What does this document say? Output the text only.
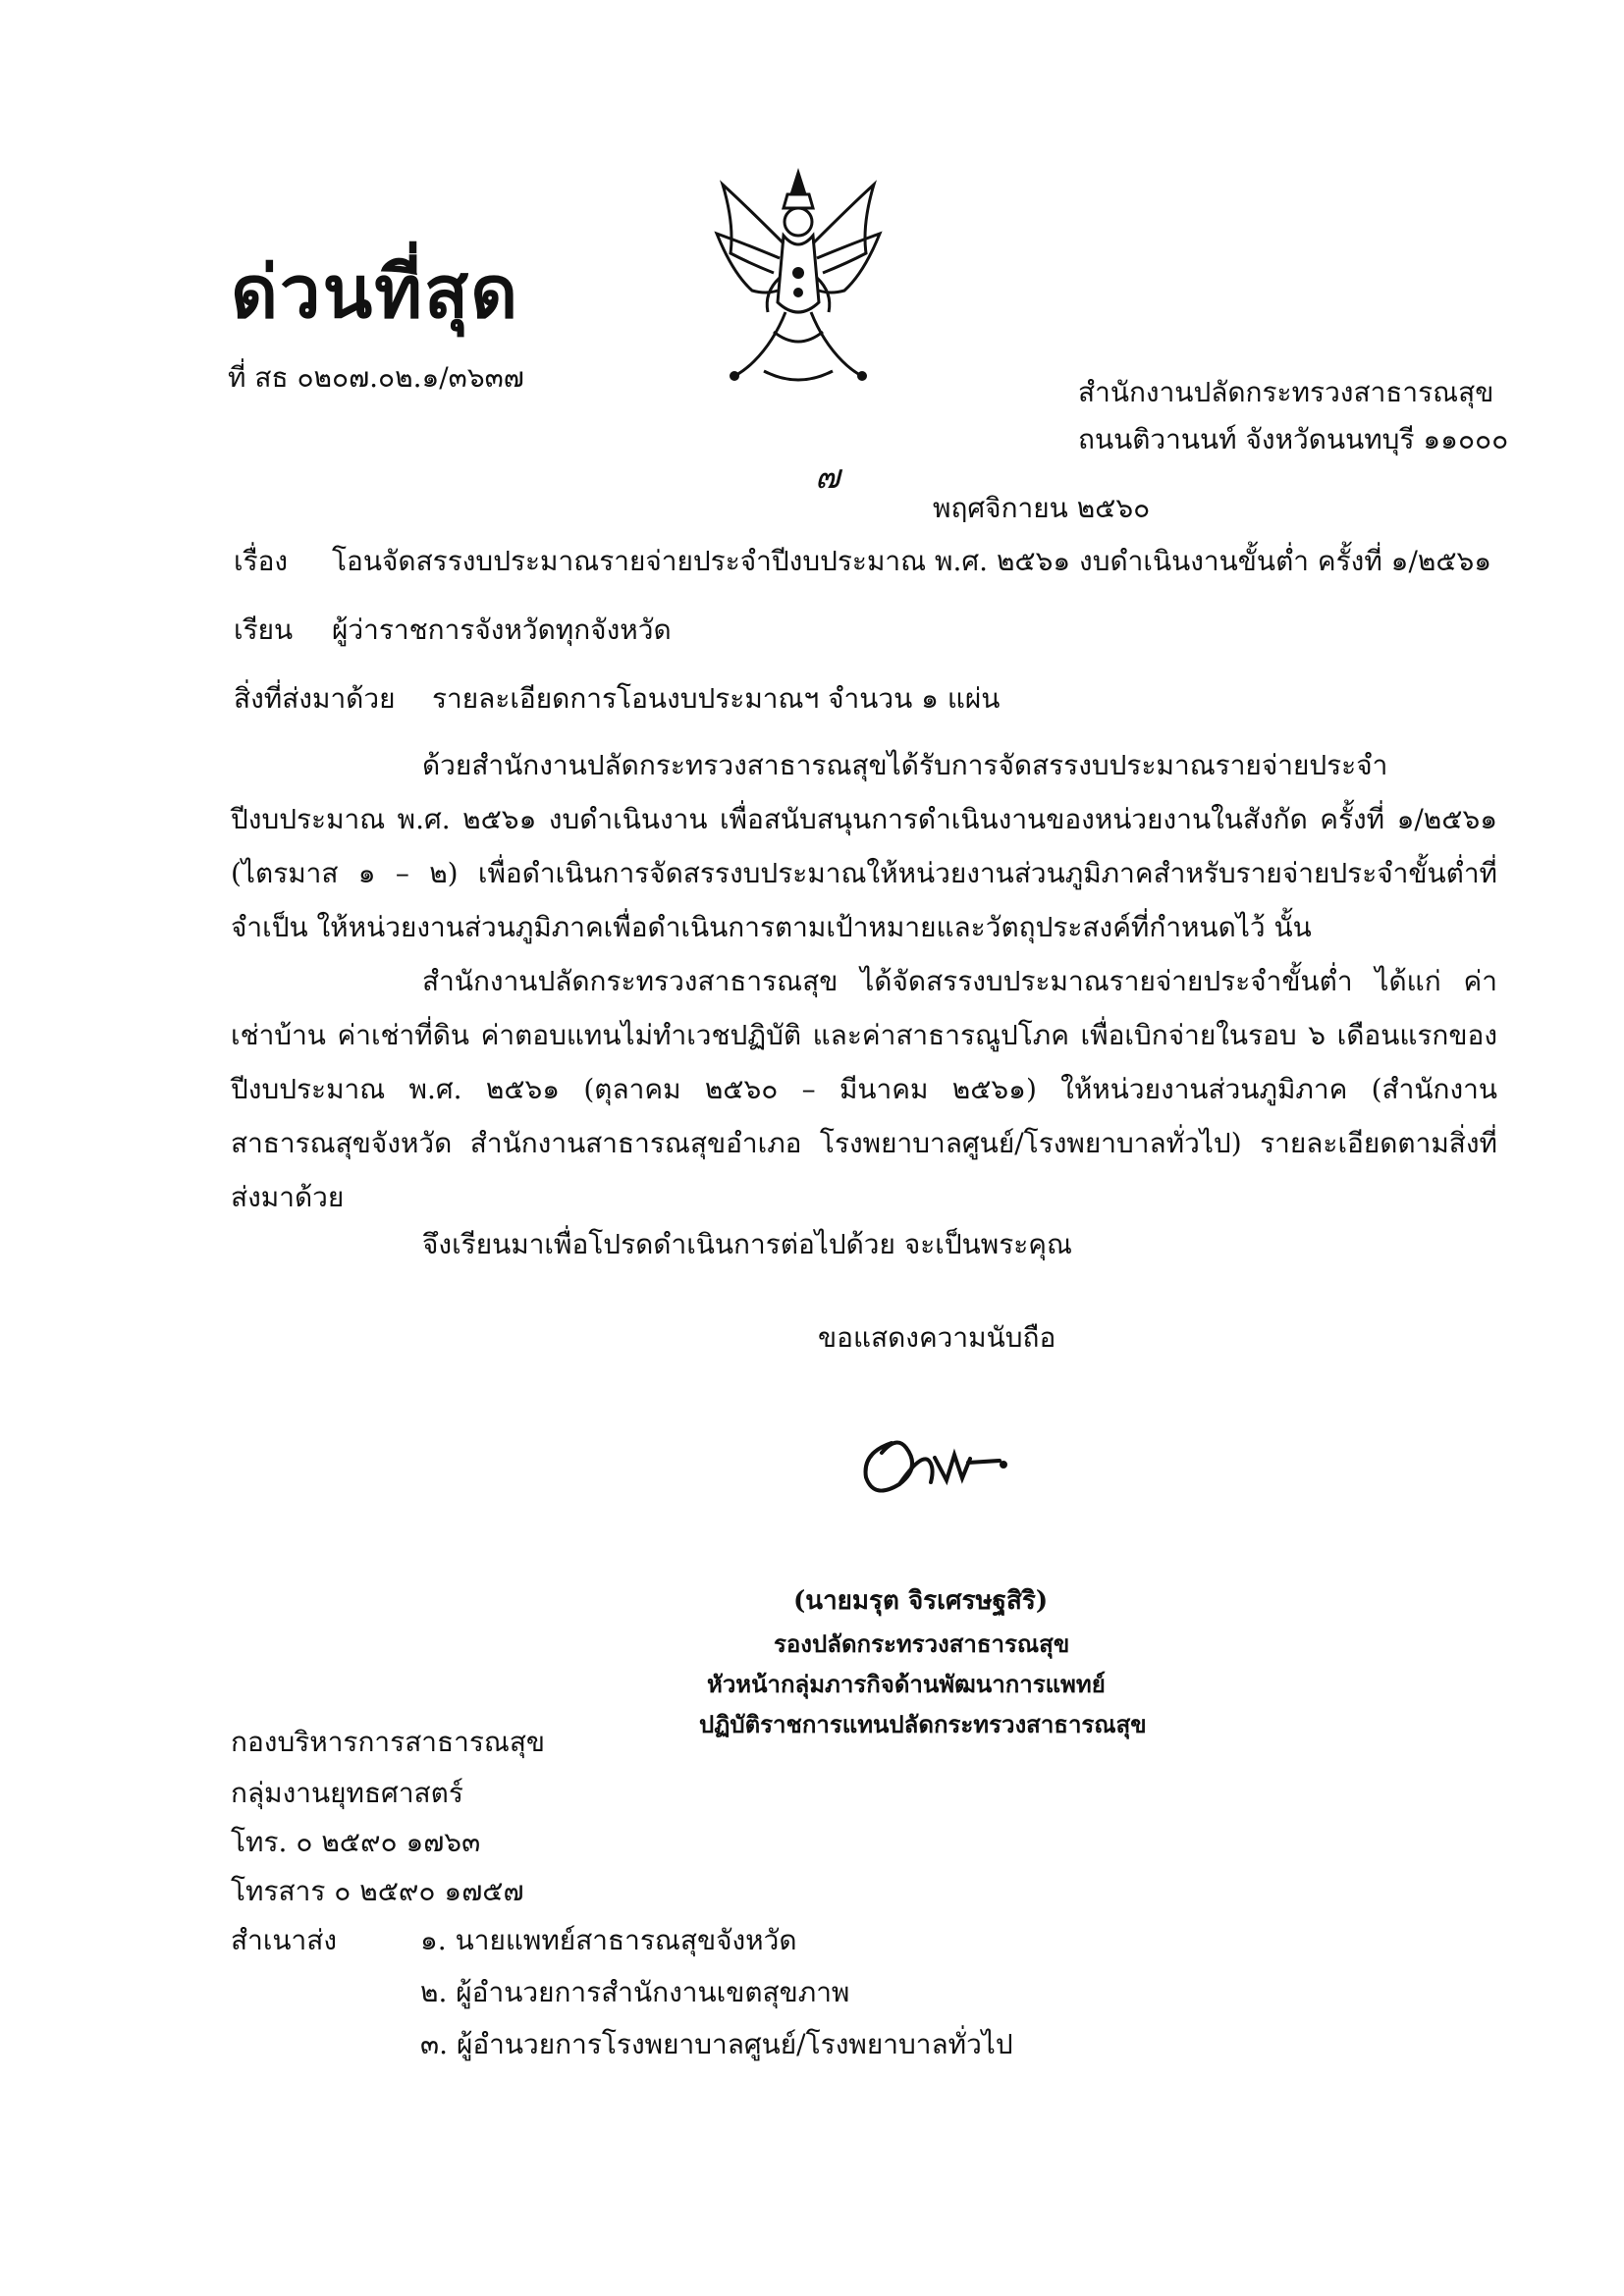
ด่วนที่สุด
ที่ สธ ๐๒๐๗.๐๒.๑/๓๖๓๗	สำนักงานปลัดกระทรวงสาธารณสุข
ถนนติวานนท์ จังหวัดนนทบุรี ๑๑๐๐๐
๗
พฤศจิกายน ๒๕๖๐
เรื่อง โอนจัดสรรงบประมาณรายจ่ายประจำปีงบประมาณ พ.ศ. ๒๕๖๑ งบดำเนินงานขั้นต่ำ ครั้งที่ ๑/๒๕๖๑
เรียน ผู้ว่าราชการจังหวัดทุกจังหวัด
สิ่งที่ส่งมาด้วย รายละเอียดการโอนงบประมาณฯ จำนวน ๑ แผ่น
ด้วยสำนักงานปลัดกระทรวงสาธารณสุขได้รับการจัดสรรงบประมาณรายจ่ายประจำปีงบประมาณ พ.ศ. ๒๕๖๑ งบดำเนินงาน เพื่อสนับสนุนการดำเนินงานของหน่วยงานในสังกัด ครั้งที่ ๑/๒๕๖๑ (ไตรมาส ๑ – ๒) เพื่อดำเนินการจัดสรรงบประมาณให้หน่วยงานส่วนภูมิภาคสำหรับรายจ่ายประจำขั้นต่ำที่จำเป็น ให้หน่วยงานส่วนภูมิภาคเพื่อดำเนินการตามเป้าหมายและวัตถุประสงค์ที่กำหนดไว้ นั้น
สำนักงานปลัดกระทรวงสาธารณสุข ได้จัดสรรงบประมาณรายจ่ายประจำขั้นต่ำ ได้แก่ ค่าเช่าบ้าน ค่าเช่าที่ดิน ค่าตอบแทนไม่ทำเวชปฏิบัติ และค่าสาธารณูปโภค เพื่อเบิกจ่ายในรอบ ๖ เดือนแรกของปีงบประมาณ พ.ศ. ๒๕๖๑ (ตุลาคม ๒๕๖๐ – มีนาคม ๒๕๖๑) ให้หน่วยงานส่วนภูมิภาค (สำนักงานสาธารณสุขจังหวัด สำนักงานสาธารณสุขอำเภอ โรงพยาบาลศูนย์/โรงพยาบาลทั่วไป) รายละเอียดตามสิ่งที่ส่งมาด้วย
จึงเรียนมาเพื่อโปรดดำเนินการต่อไปด้วย จะเป็นพระคุณ
ขอแสดงความนับถือ
(นายมรุต จิรเศรษฐสิริ)
รองปลัดกระทรวงสาธารณสุข
หัวหน้ากลุ่มภารกิจด้านพัฒนาการแพทย์
ปฏิบัติราชการแทนปลัดกระทรวงสาธารณสุข
กองบริหารการสาธารณสุข
กลุ่มงานยุทธศาสตร์
โทร. ๐ ๒๕๙๐ ๑๗๖๓
โทรสาร ๐ ๒๕๙๐ ๑๗๕๗
สำเนาส่ง	๑. นายแพทย์สาธารณสุขจังหวัด
๒. ผู้อำนวยการสำนักงานเขตสุขภาพ
๓. ผู้อำนวยการโรงพยาบาลศูนย์/โรงพยาบาลทั่วไป
